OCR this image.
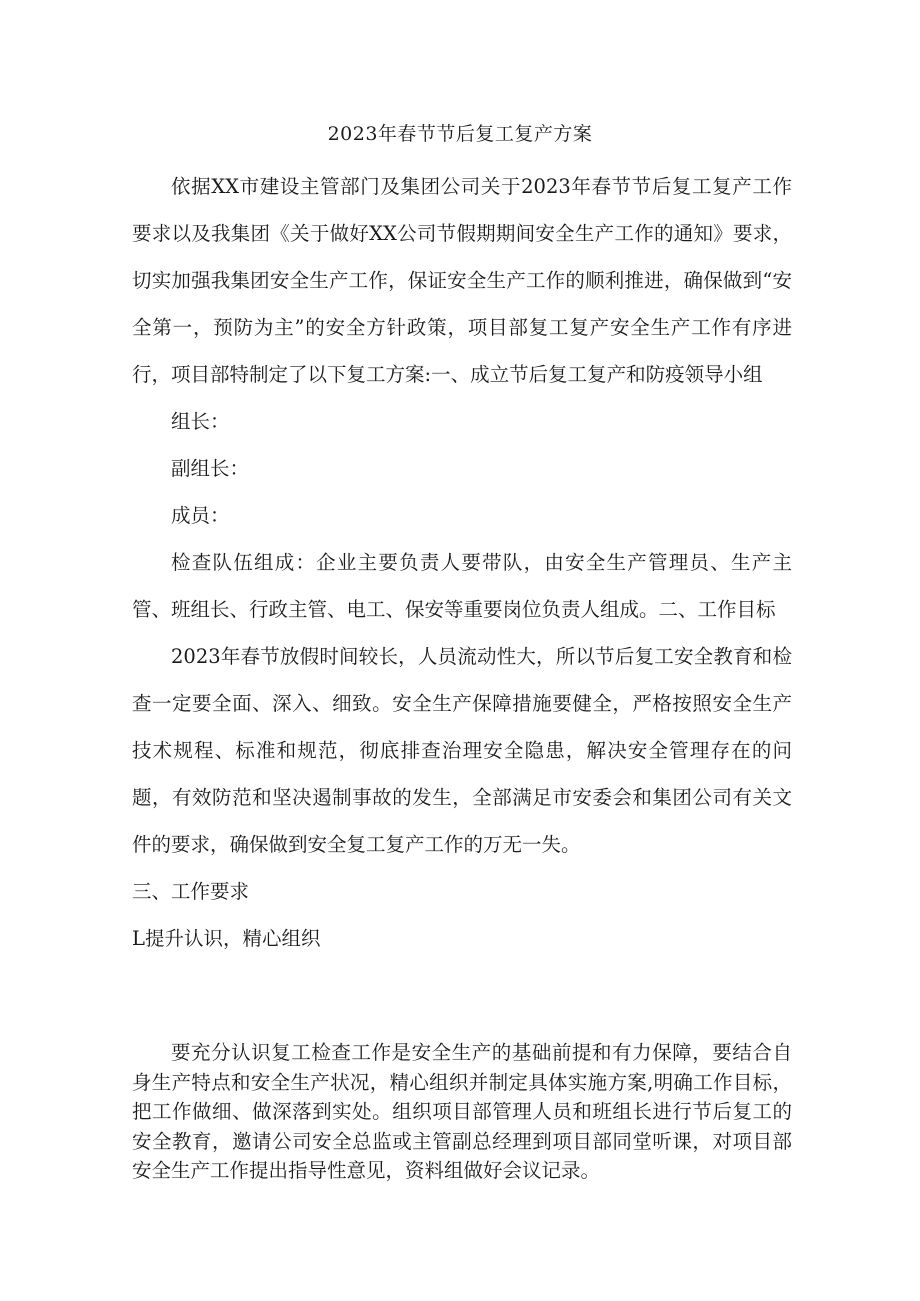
2023年春节节后复工复产方案

依据XX市建设主管部门及集团公司关于2023年春节节后复工复产工作要求以及我集团《关于做好XX公司节假期期间安全生产工作的通知》要求，切实加强我集团安全生产工作，保证安全生产工作的顺利推进，确保做到“安全第一，预防为主”的安全方针政策，项目部复工复产安全生产工作有序进行，项目部特制定了以下复工方案:一、成立节后复工复产和防疫领导小组

组长：

副组长：

成员：

检查队伍组成：企业主要负责人要带队，由安全生产管理员、生产主管、班组长、行政主管、电工、保安等重要岗位负责人组成。二、工作目标

2023年春节放假时间较长，人员流动性大，所以节后复工安全教育和检查一定要全面、深入、细致。安全生产保障措施要健全，严格按照安全生产技术规程、标准和规范，彻底排查治理安全隐患，解决安全管理存在的问题，有效防范和坚决遏制事故的发生，全部满足市安委会和集团公司有关文件的要求，确保做到安全复工复产工作的万无一失。

三、工作要求

L提升认识，精心组织

要充分认识复工检查工作是安全生产的基础前提和有力保障，要结合自身生产特点和安全生产状况，精心组织并制定具体实施方案,明确工作目标，把工作做细、做深落到实处。组织项目部管理人员和班组长进行节后复工的安全教育，邀请公司安全总监或主管副总经理到项目部同堂听课，对项目部安全生产工作提出指导性意见，资料组做好会议记录。
